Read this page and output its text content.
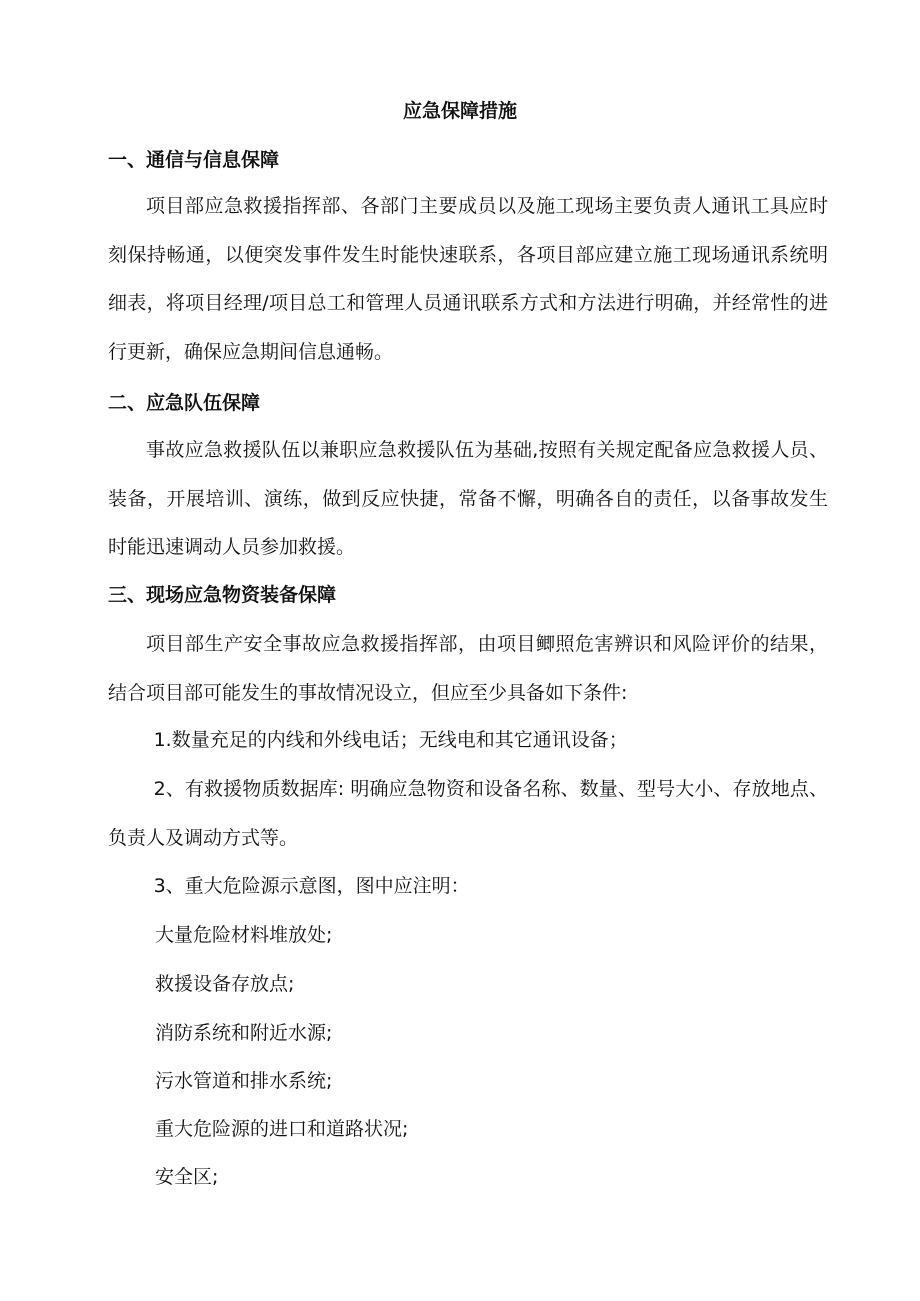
应急保障措施
一、通信与信息保障

项目部应急救援指挥部、各部门主要成员以及施工现场主要负责人通讯工具应时刻保持畅通，以便突发事件发生时能快速联系，各项目部应建立施工现场通讯系统明细表，将项目经理/项目总工和管理人员通讯联系方式和方法进行明确，并经常性的进行更新，确保应急期间信息通畅。

二、应急队伍保障

事故应急救援队伍以兼职应急救援队伍为基础,按照有关规定配备应急救援人员、装备，开展培训、演练，做到反应快捷，常备不懈，明确各自的责任，以备事故发生时能迅速调动人员参加救援。

三、现场应急物资装备保障

项目部生产安全事故应急救援指挥部，由项目鲫照危害辨识和风险评价的结果，结合项目部可能发生的事故情况设立，但应至少具备如下条件:

1.数量充足的内线和外线电话；无线电和其它通讯设备；

2、有救援物质数据库: 明确应急物资和设备名称、数量、型号大小、存放地点、负责人及调动方式等。

3、重大危险源示意图，图中应注明：

大量危险材料堆放处;
救援设备存放点;
消防系统和附近水源;
污水管道和排水系统;
重大危险源的进口和道路状况;
安全区;
